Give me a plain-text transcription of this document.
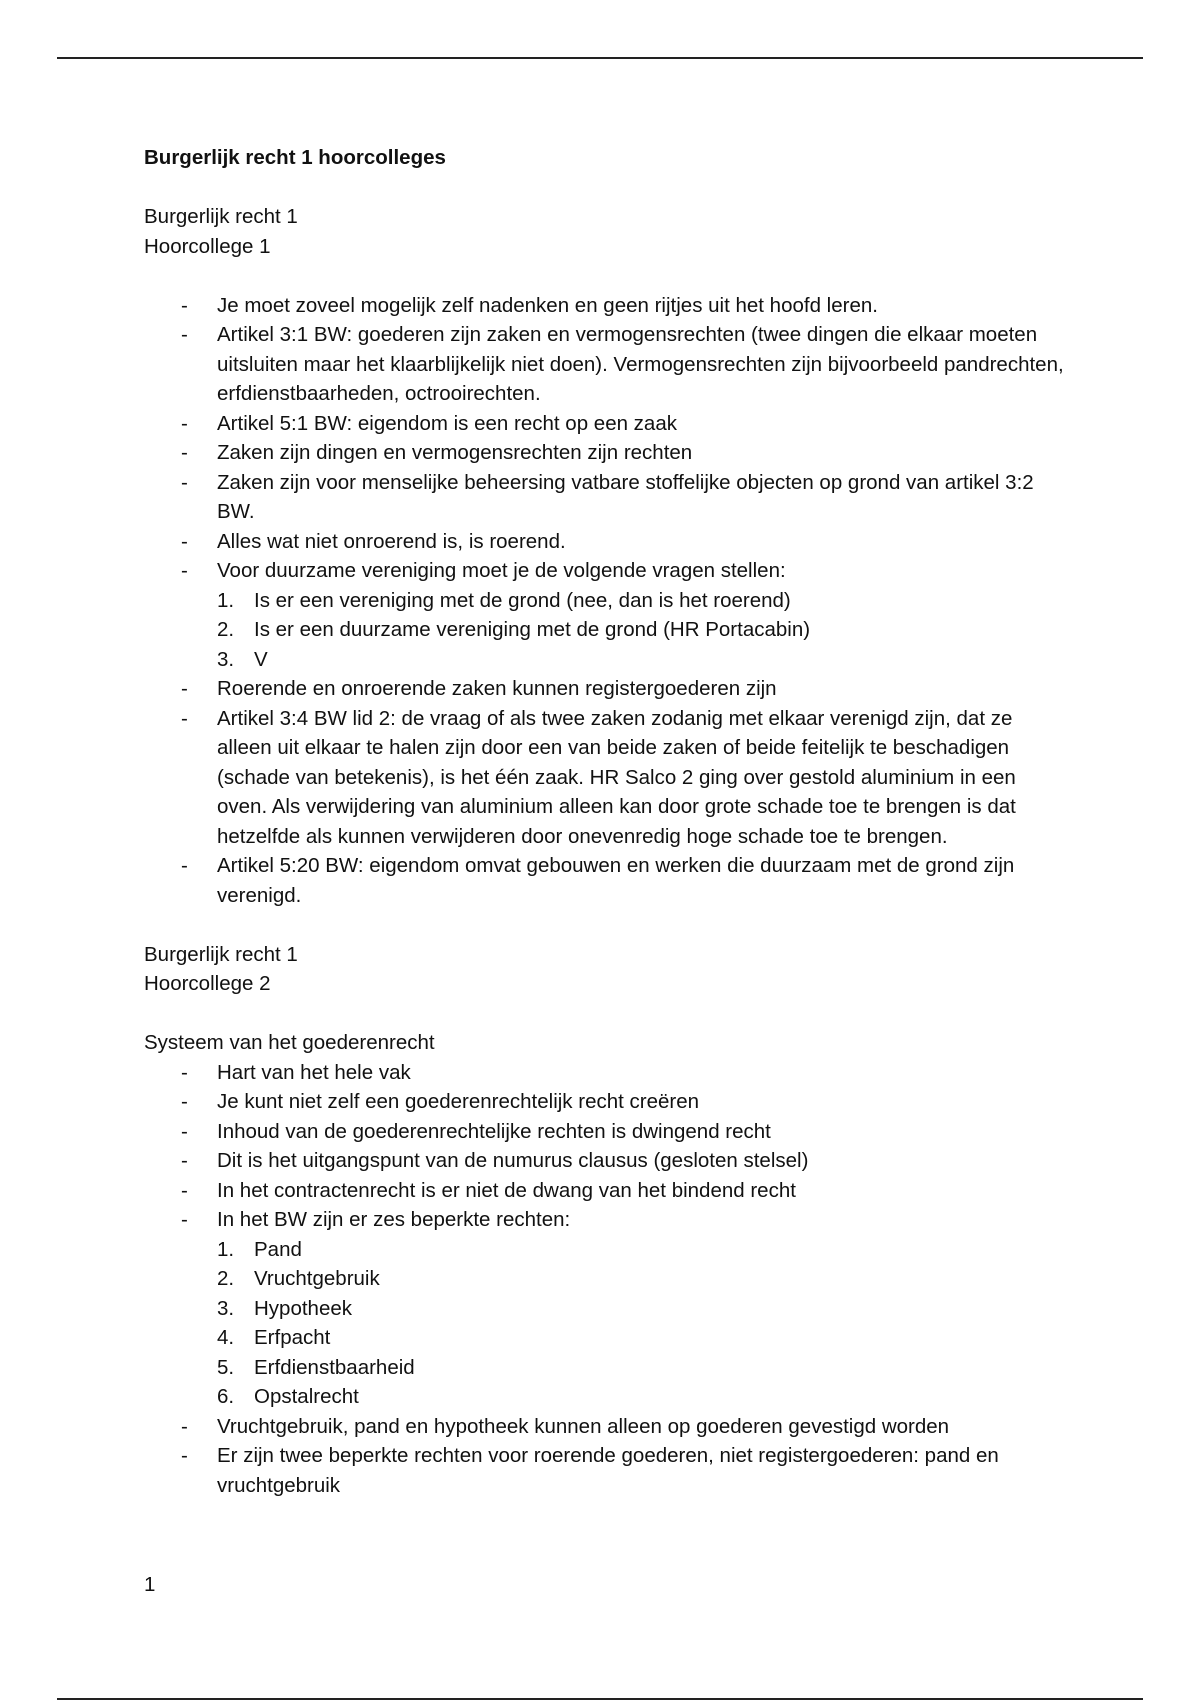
Burgerlijk recht 1 hoorcolleges

Burgerlijk recht 1

Hoorcollege 1

- Je moet zoveel mogelijk zelf nadenken en geen rijtjes uit het hoofd leren.
- Artikel 3:1 BW: goederen zijn zaken en vermogensrechten (twee dingen die elkaar moeten uitsluiten maar het klaarblijkelijk niet doen). Vermogensrechten zijn bijvoorbeeld pandrechten, erfdienstbaarheden, octrooirechten.
- Artikel 5:1 BW: eigendom is een recht op een zaak
- Zaken zijn dingen en vermogensrechten zijn rechten
- Zaken zijn voor menselijke beheersing vatbare stoffelijke objecten op grond van artikel 3:2 BW.
- Alles wat niet onroerend is, is roerend.
- Voor duurzame vereniging moet je de volgende vragen stellen:
1. Is er een vereniging met de grond (nee, dan is het roerend)
2. Is er een duurzame vereniging met de grond (HR Portacabin)
3. V
- Roerende en onroerende zaken kunnen registergoederen zijn
- Artikel 3:4 BW lid 2: de vraag of als twee zaken zodanig met elkaar verenigd zijn, dat ze alleen uit elkaar te halen zijn door een van beide zaken of beide feitelijk te beschadigen (schade van betekenis), is het één zaak. HR Salco 2 ging over gestold aluminium in een oven. Als verwijdering van aluminium alleen kan door grote schade toe te brengen is dat hetzelfde als kunnen verwijderen door onevenredig hoge schade toe te brengen.
- Artikel 5:20 BW: eigendom omvat gebouwen en werken die duurzaam met de grond zijn verenigd.

Burgerlijk recht 1

Hoorcollege 2

Systeem van het goederenrecht

- Hart van het hele vak
- Je kunt niet zelf een goederenrechtelijk recht creëren
- Inhoud van de goederenrechtelijke rechten is dwingend recht
- Dit is het uitgangspunt van de numurus clausus (gesloten stelsel)
- In het contractenrecht is er niet de dwang van het bindend recht
- In het BW zijn er zes beperkte rechten:
1. Pand
2. Vruchtgebruik
3. Hypotheek
4. Erfpacht
5. Erfdienstbaarheid
6. Opstalrecht
- Vruchtgebruik, pand en hypotheek kunnen alleen op goederen gevestigd worden
- Er zijn twee beperkte rechten voor roerende goederen, niet registergoederen: pand en vruchtgebruik
1
